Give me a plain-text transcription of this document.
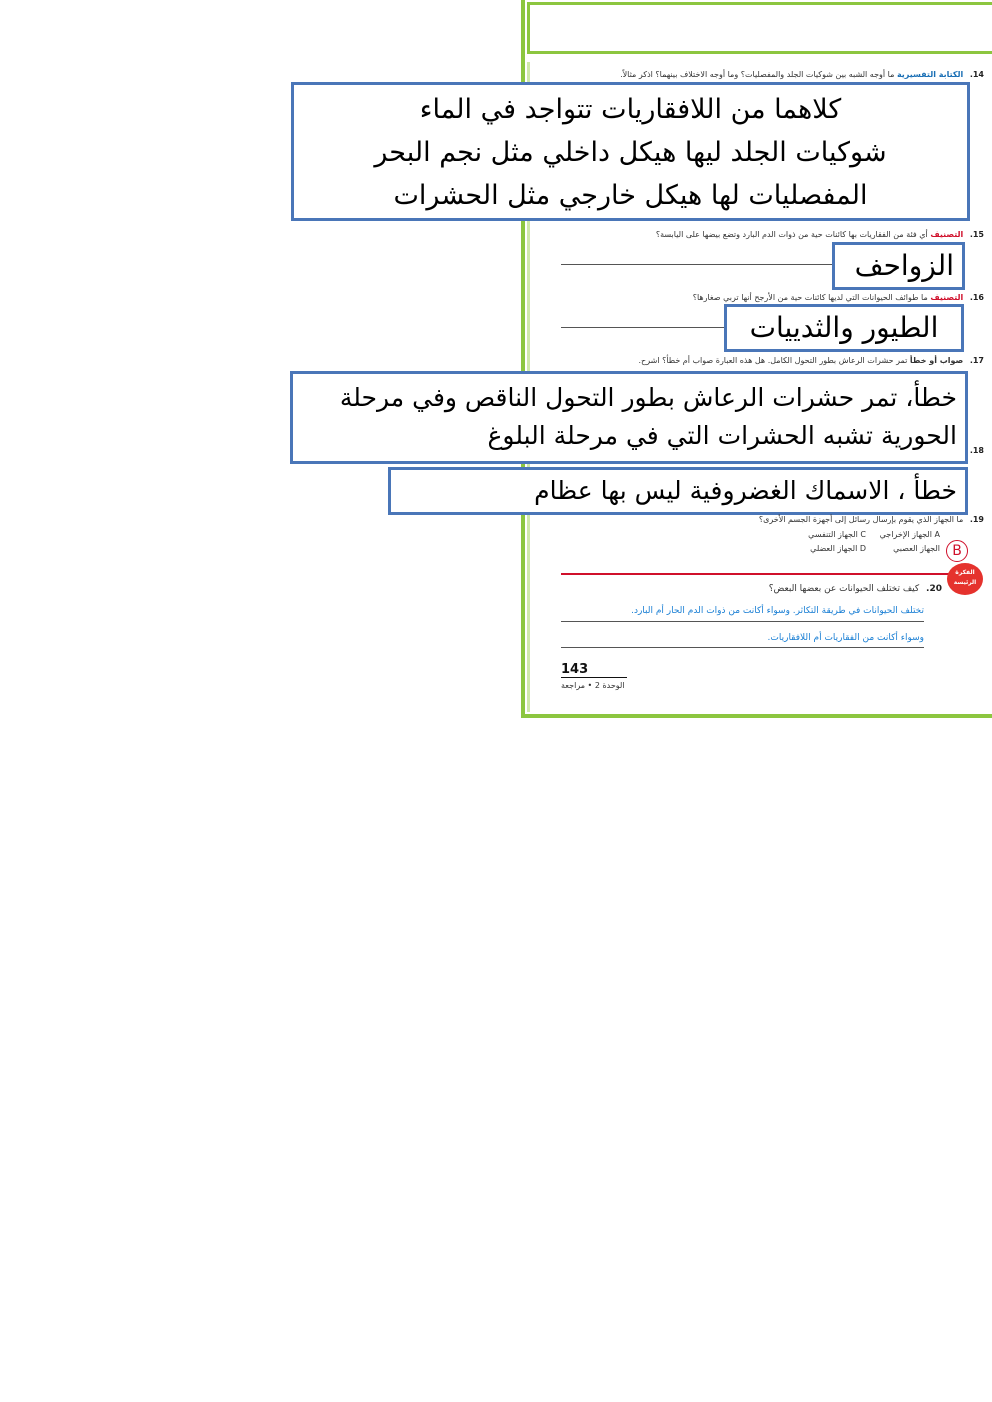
14. الكتابة التفسيرية ما أوجه الشبه بين شوكيات الجلد والمفصليات؟ وما أوجه الاختلاف بينهما؟ اذكر مثالاً.
كلاهما من اللافقاريات تتواجد في الماء
شوكيات الجلد ليها هيكل داخلي مثل نجم البحر
المفصليات لها هيكل خارجي مثل الحشرات
15. التصنيف أي فئة من الفقاريات بها كائنات حية من ذوات الدم البارد وتضع بيضها على اليابسة؟
الزواحف
16. التصنيف ما طوائف الحيوانات التي لديها كائنات حية من الأرجح أنها تربي صغارها؟
الطيور والثدييات
17. صواب أو خطأ تمر حشرات الرعاش بطور التحول الكامل. هل هذه العبارة صواب أم خطأ؟ اشرح.
خطأ، تمر حشرات الرعاش بطور التحول الناقص وفي مرحلة
الحورية تشبه الحشرات التي في مرحلة البلوغ
18.
خطأ ، الاسماك الغضروفية ليس بها عظام
19. ما الجهاز الذي يقوم بإرسال رسائل إلى أجهزة الجسم الأخرى؟
A الجهاز الإخراجي
الجهاز العصبي
C الجهاز التنفسي
D الجهاز العضلي	B
الفكرة
الرئيسة
20. كيف تختلف الحيوانات عن بعضها البعض؟
تختلف الحيوانات في طريقة التكاثر. وسواء أكانت من ذوات الدم الحار أم البارد.
وسواء أكانت من الفقاريات أم اللافقاريات.
143
الوحدة 2 • مراجعة
